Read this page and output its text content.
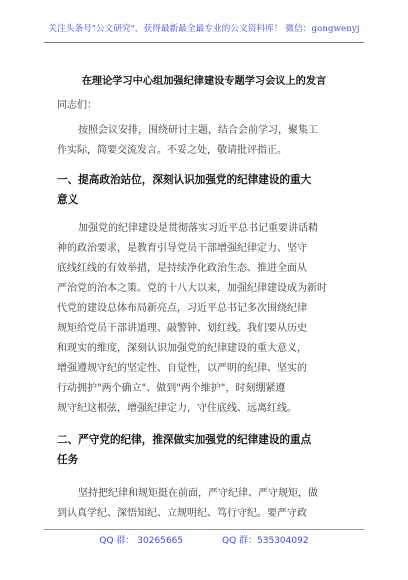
关注头条号"公文研究"，获得最新最全最专业的公文资料库！ 微信：gongwenyj
在理论学习中心组加强纪律建设专题学习会议上的发言
同志们：
按照会议安排，围绕研讨主题，结合会前学习，聚集工
作实际，简要交流发言。不妥之处，敬请批评指正。
一、提高政治站位，深刻认识加强党的纪律建设的重大
意义
加强党的纪律建设是贯彻落实习近平总书记重要讲话精
神的政治要求，是教育引导党员干部增强纪律定力、坚守
底线红线的有效举措，是持续净化政治生态、推进全面从
严治党的治本之策。党的十八大以来，加强纪律建设成为新时
代党的建设总体布局新亮点，习近平总书记多次围绕纪律
规矩给党员干部讲道理、敲警钟、划红线。我们要从历史
和现实的维度，深刻认识加强党的纪律建设的重大意义，
增强遵规守纪的坚定性、自觉性，以严明的纪律、坚实的
行动拥护"两个确立"、做到"两个维护"，时刻绷紧遵
规守纪这根弦，增强纪律定力，守住底线、远离红线。
二、严守党的纪律，推深做实加强党的纪律建设的重点
任务
坚持把纪律和规矩挺在前面，严守纪律、严守规矩，做
到认真学纪、深悟知纪、立规明纪、笃行守纪。要严守政
QQ 群： 30265665	QQ 群：535304092
